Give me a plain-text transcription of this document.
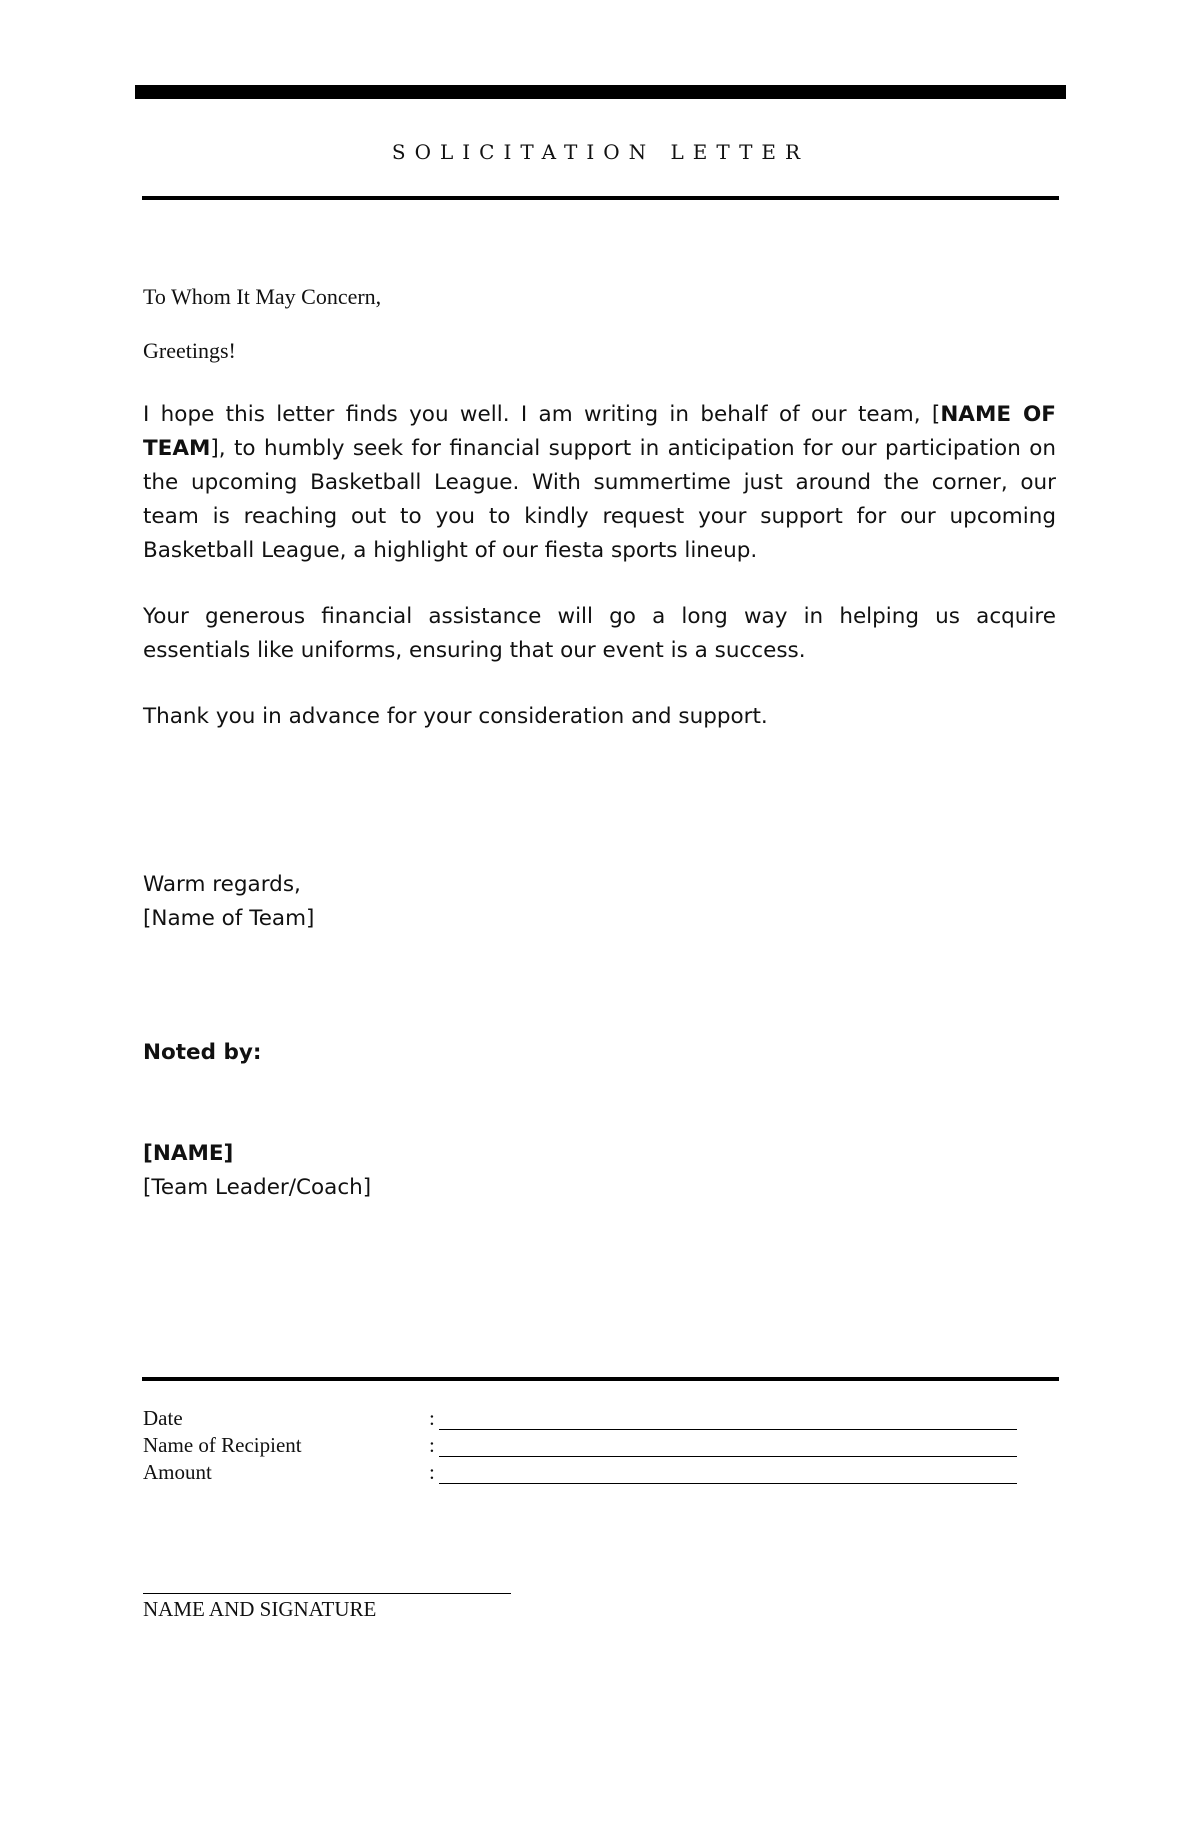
SOLICITATION LETTER

To Whom It May Concern,

Greetings!

I hope this letter finds you well. I am writing in behalf of our team, [NAME OF TEAM], to humbly seek for financial support in anticipation for our participation on the upcoming Basketball League. With summertime just around the corner, our team is reaching out to you to kindly request your support for our upcoming Basketball League, a highlight of our fiesta sports lineup.

Your generous financial assistance will go a long way in helping us acquire essentials like uniforms, ensuring that our event is a success.

Thank you in advance for your consideration and support.

Warm regards,

[Name of Team]

Noted by:

[NAME]

[Team Leader/Coach]

Date	:
Name of Recipient	:
Amount	:
NAME AND SIGNATURE
